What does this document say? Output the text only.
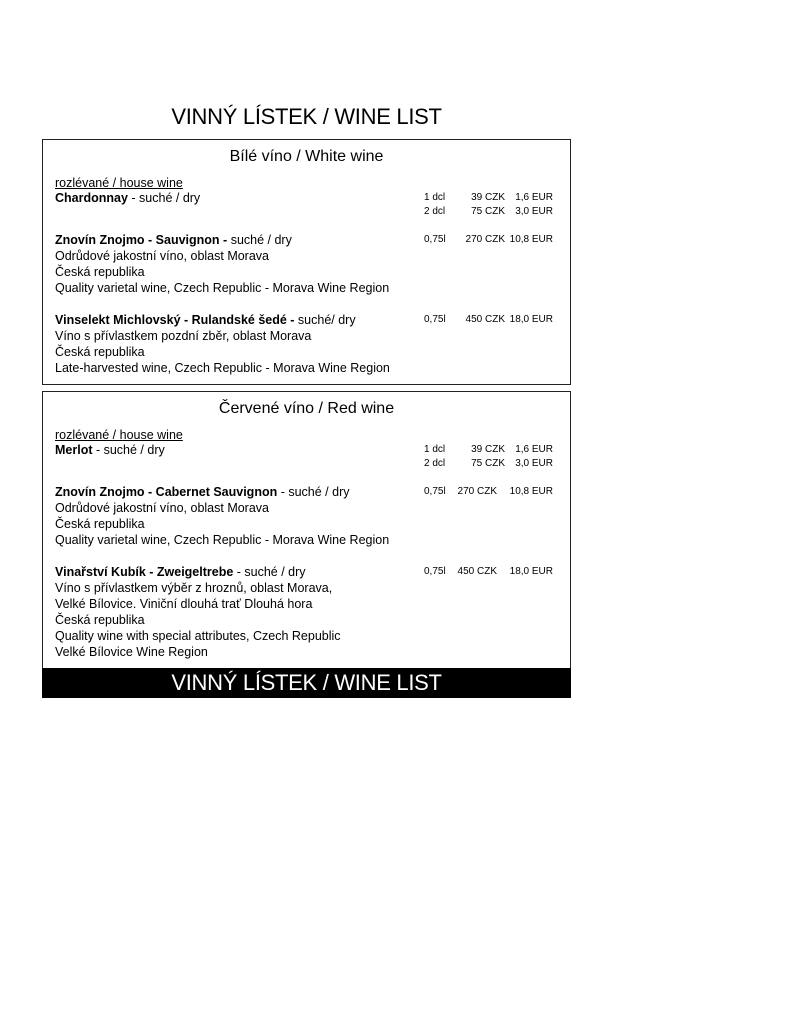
VINNÝ LÍSTEK / WINE LIST
Bílé víno / White wine
rozlévané / house wine
Chardonnay - suché / dry	1 dcl	39 CZK	1,6 EUR
2 dcl	75 CZK	3,0 EUR
Znovín Znojmo - Sauvignon - suché / dry
Odrůdové jakostní víno, oblast Morava
Česká republika
Quality varietal wine, Czech Republic - Morava Wine Region
0,75l	270 CZK 10,8 EUR
Vinselekt Michlovský - Rulandské šedé - suché/ dry
Víno s přívlastkem pozdní zběr, oblast Morava
Česká republika
Late-harvested wine, Czech Republic - Morava Wine Region
0,75l	450 CZK 18,0 EUR
Červené víno / Red wine
rozlévané / house wine
Merlot - suché / dry	1 dcl	39 CZK	1,6 EUR
2 dcl	75 CZK	3,0 EUR
Znovín Znojmo - Cabernet Sauvignon - suché / dry
Odrůdové jakostní víno, oblast Morava
Česká republika
Quality varietal wine, Czech Republic - Morava Wine Region
0,75l	270 CZK	10,8 EUR
Vinařství Kubík - Zweigeltrebe - suché / dry
Víno s přívlastkem výběr z hroznů, oblast Morava,
Velké Bílovice. Viniční dlouhá trať Dlouhá hora
Česká republika
Quality wine with special attributes, Czech Republic
Velké Bílovice Wine Region
0,75l	450 CZK	18,0 EUR
VINNÝ LÍSTEK / WINE LIST
